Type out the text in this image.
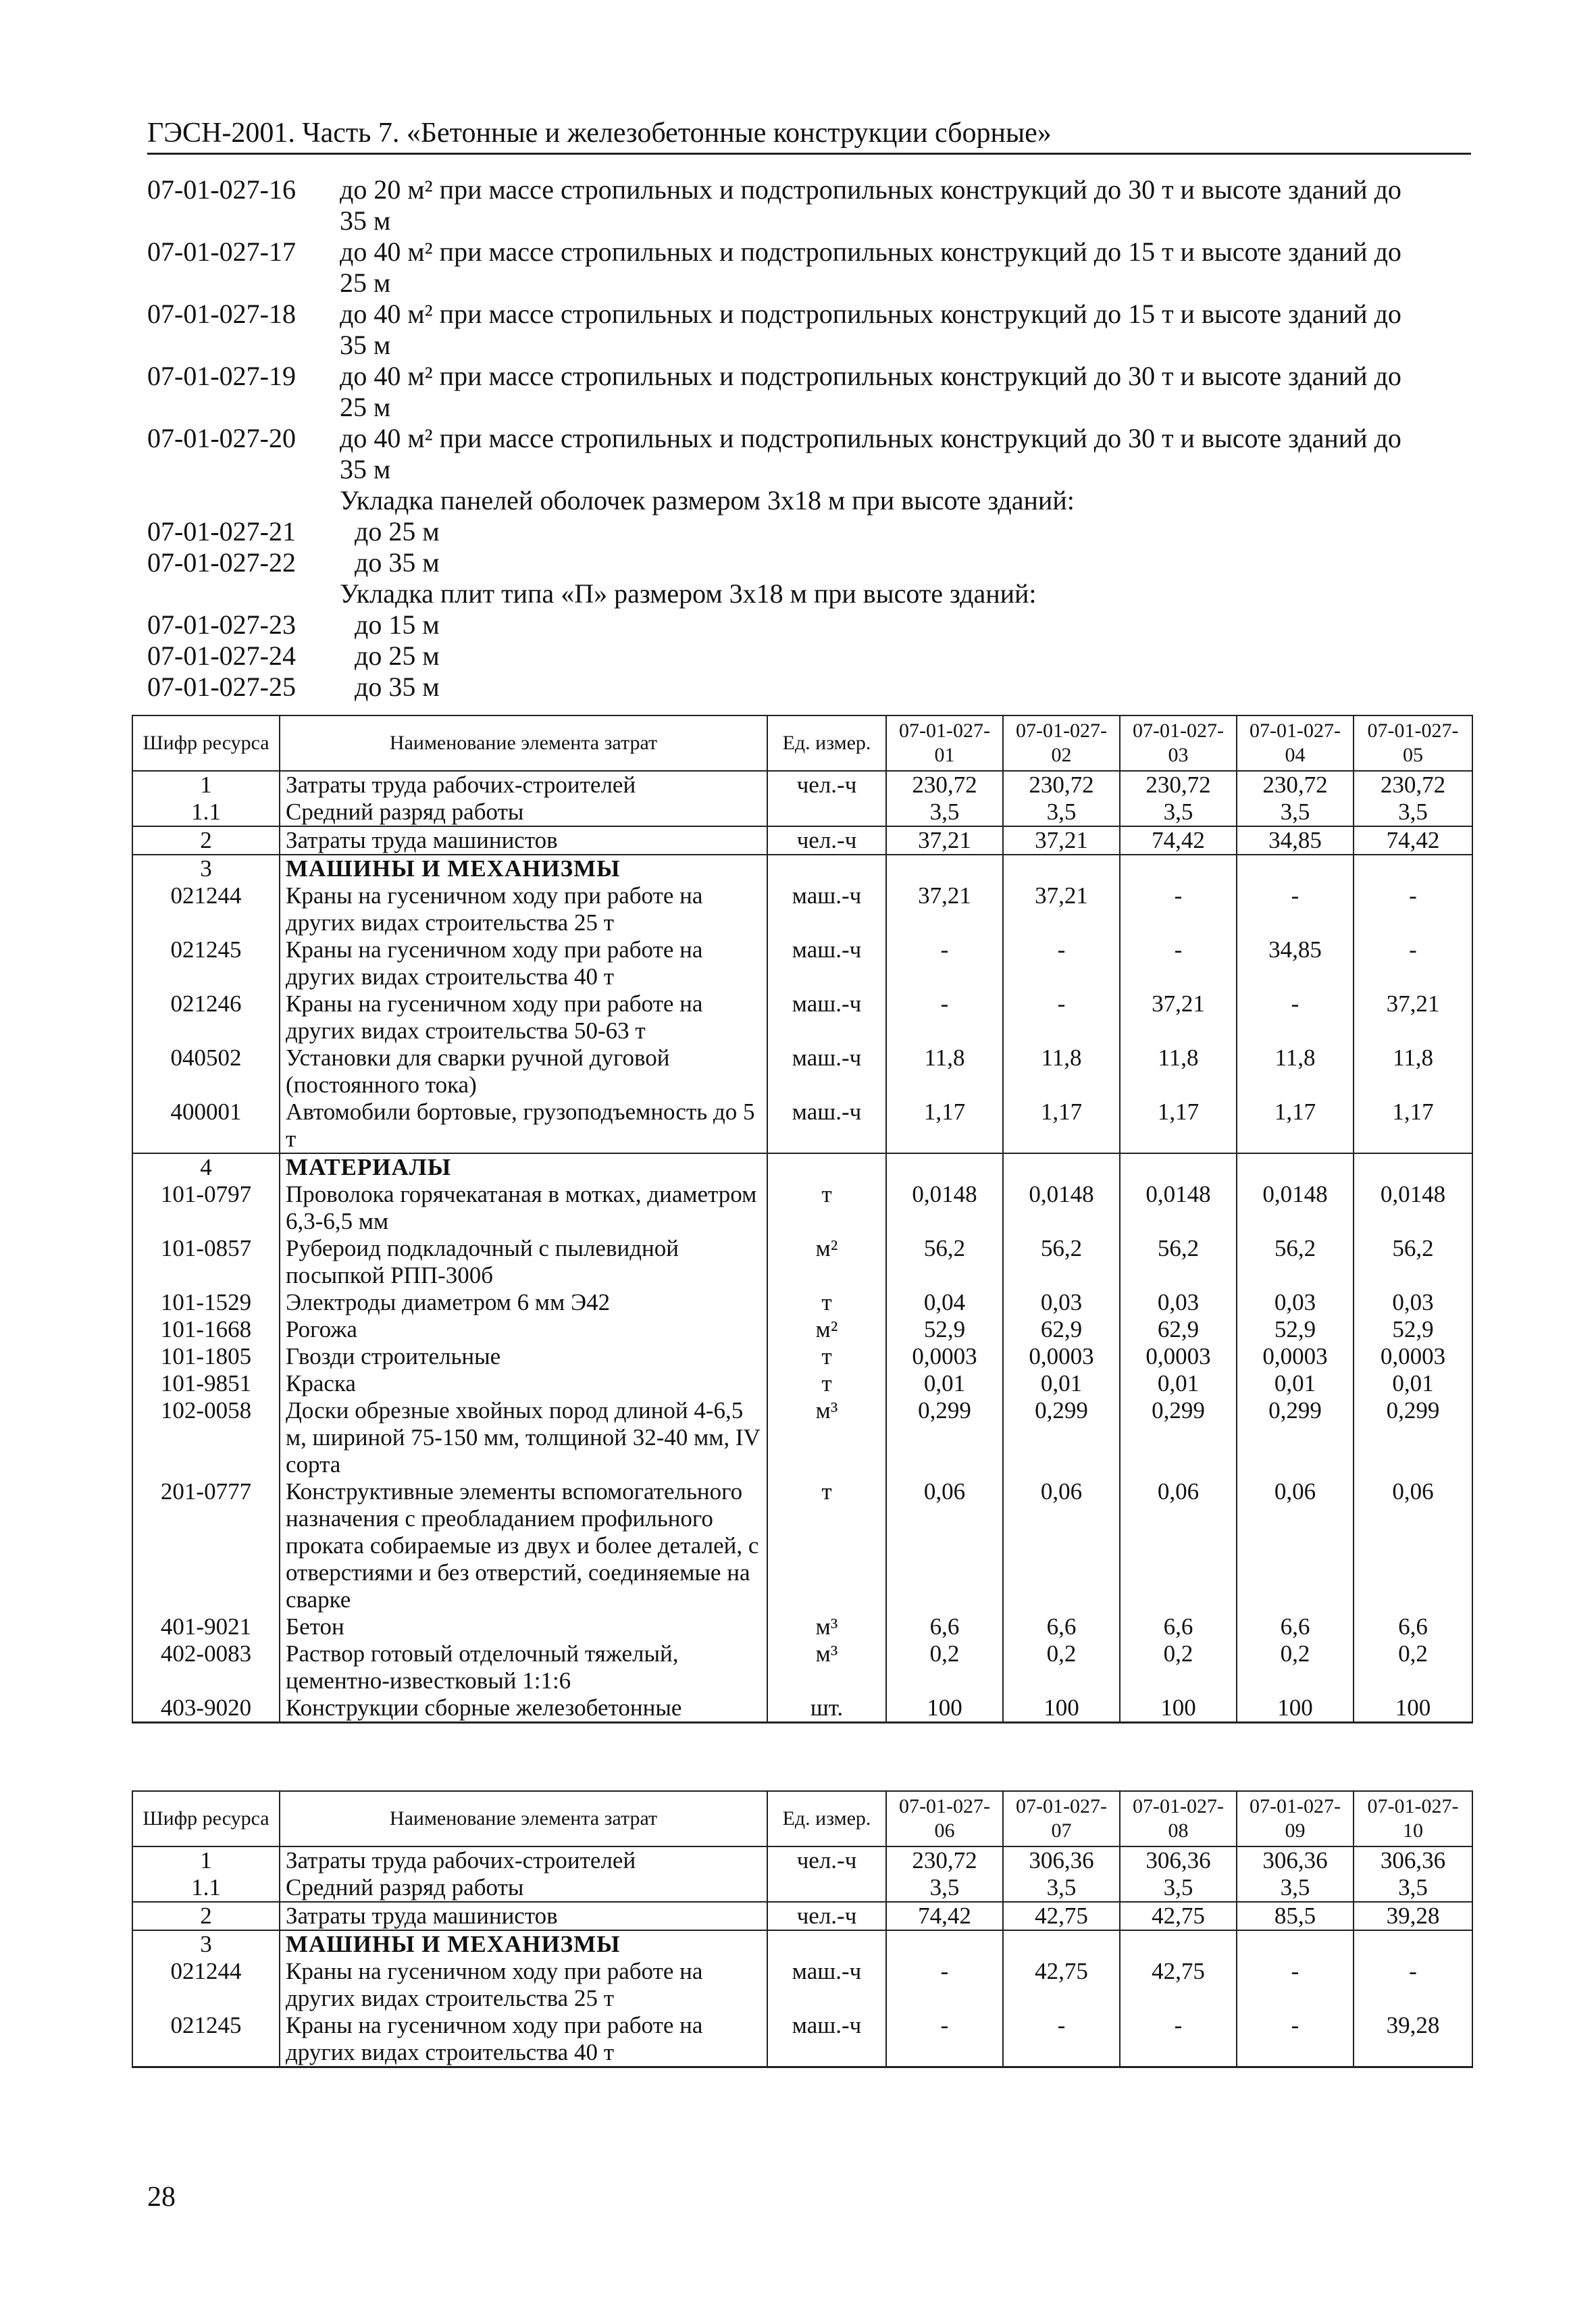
ГЭСН-2001. Часть 7. «Бетонные и железобетонные конструкции сборные»
07-01-027-16	до 20 м² при массе стропильных и подстропильных конструкций до 30 т и высоте зданий до
35 м
07-01-027-17	до 40 м² при массе стропильных и подстропильных конструкций до 15 т и высоте зданий до
25 м
07-01-027-18	до 40 м² при массе стропильных и подстропильных конструкций до 15 т и высоте зданий до
35 м
07-01-027-19	до 40 м² при массе стропильных и подстропильных конструкций до 30 т и высоте зданий до
25 м
07-01-027-20	до 40 м² при массе стропильных и подстропильных конструкций до 30 т и высоте зданий до
35 м
Укладка панелей оболочек размером 3х18 м при высоте зданий:
07-01-027-21	до 25 м
07-01-027-22	до 35 м
Укладка плит типа «П» размером 3х18 м при высоте зданий:
07-01-027-23	до 15 м
07-01-027-24	до 25 м
07-01-027-25	до 35 м
Шифр ресурса	Наименование элемента затрат	Ед. измер.	07-01-027-01	07-01-027-02	07-01-027-03	07-01-027-04	07-01-027-05
1	Затраты труда рабочих-строителей	чел.-ч	230,72	230,72	230,72	230,72	230,72
1.1	Средний разряд работы		3,5	3,5	3,5	3,5	3,5
2	Затраты труда машинистов	чел.-ч	37,21	37,21	74,42	34,85	74,42
3	МАШИНЫ И МЕХАНИЗМЫ						
021244	Краны на гусеничном ходу при работе на других видах строительства 25 т	маш.-ч	37,21	37,21	-	-	-
021245	Краны на гусеничном ходу при работе на других видах строительства 40 т	маш.-ч	-	-	-	34,85	-
021246	Краны на гусеничном ходу при работе на других видах строительства 50-63 т	маш.-ч	-	-	37,21	-	37,21
040502	Установки для сварки ручной дуговой (постоянного тока)	маш.-ч	11,8	11,8	11,8	11,8	11,8
400001	Автомобили бортовые, грузоподъемность до 5 т	маш.-ч	1,17	1,17	1,17	1,17	1,17
4	МАТЕРИАЛЫ						
101-0797	Проволока горячекатаная в мотках, диаметром 6,3-6,5 мм	т	0,0148	0,0148	0,0148	0,0148	0,0148
101-0857	Рубероид подкладочный с пылевидной посыпкой РПП-300б	м²	56,2	56,2	56,2	56,2	56,2
101-1529	Электроды диаметром 6 мм Э42	т	0,04	0,03	0,03	0,03	0,03
101-1668	Рогожа	м²	52,9	62,9	62,9	52,9	52,9
101-1805	Гвозди строительные	т	0,0003	0,0003	0,0003	0,0003	0,0003
101-9851	Краска	т	0,01	0,01	0,01	0,01	0,01
102-0058	Доски обрезные хвойных пород длиной 4-6,5 м, шириной 75-150 мм, толщиной 32-40 мм, IV сорта	м³	0,299	0,299	0,299	0,299	0,299
201-0777	Конструктивные элементы вспомогательного назначения с преобладанием профильного проката собираемые из двух и более деталей, с отверстиями и без отверстий, соединяемые на сварке	т	0,06	0,06	0,06	0,06	0,06
401-9021	Бетон	м³	6,6	6,6	6,6	6,6	6,6
402-0083	Раствор готовый отделочный тяжелый, цементно-известковый 1:1:6	м³	0,2	0,2	0,2	0,2	0,2
403-9020	Конструкции сборные железобетонные	шт.	100	100	100	100	100
Шифр ресурса	Наименование элемента затрат	Ед. измер.	07-01-027-06	07-01-027-07	07-01-027-08	07-01-027-09	07-01-027-10
1	Затраты труда рабочих-строителей	чел.-ч	230,72	306,36	306,36	306,36	306,36
1.1	Средний разряд работы		3,5	3,5	3,5	3,5	3,5
2	Затраты труда машинистов	чел.-ч	74,42	42,75	42,75	85,5	39,28
3	МАШИНЫ И МЕХАНИЗМЫ						
021244	Краны на гусеничном ходу при работе на других видах строительства 25 т	маш.-ч	-	42,75	42,75	-	-
021245	Краны на гусеничном ходу при работе на других видах строительства 40 т	маш.-ч	-	-	-	-	39,28
28
